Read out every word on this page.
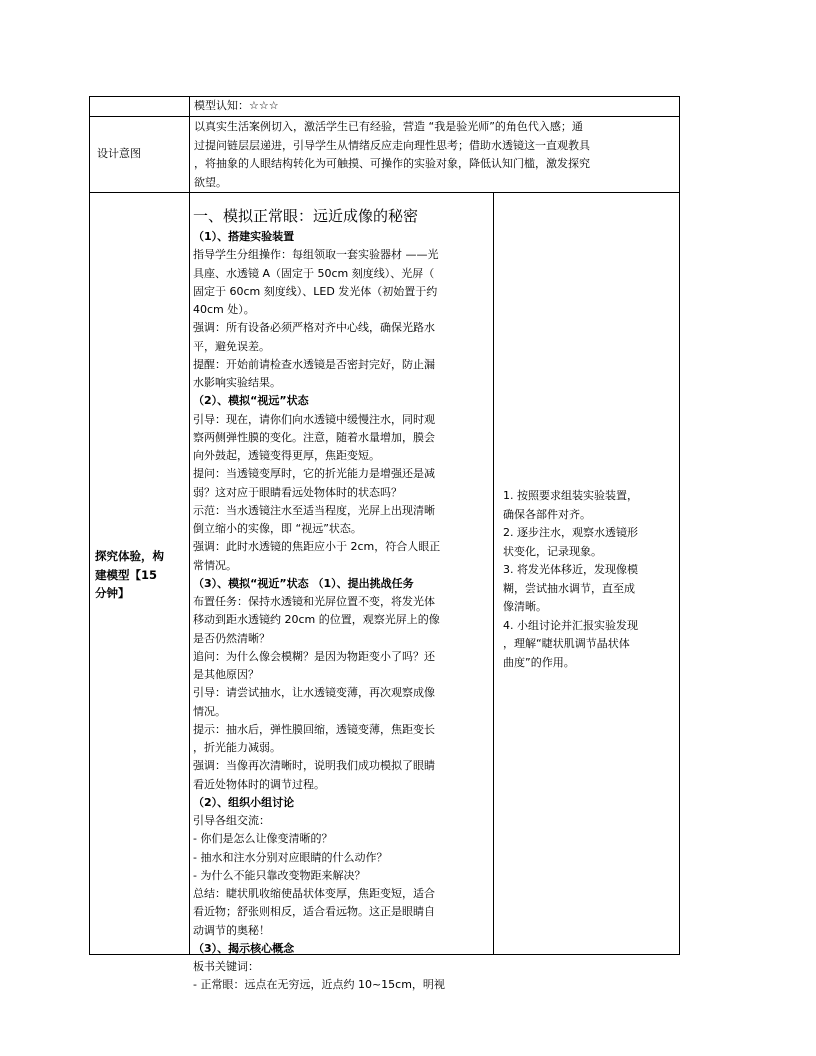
模型认知：☆☆☆
设计意图
以真实生活案例切入，激活学生已有经验，营造 “我是验光师”的角色代入感；通
过提问链层层递进，引导学生从情绪反应走向理性思考；借助水透镜这一直观教具
，将抽象的人眼结构转化为可触摸、可操作的实验对象，降低认知门槛，激发探究
欲望。
探究体验，构
建模型【15
分钟】
一、模拟正常眼：远近成像的秘密
（1）、搭建实验装置
指导学生分组操作：每组领取一套实验器材 ——光
具座、水透镜 A（固定于 50cm 刻度线）、光屏（
固定于 60cm 刻度线）、LED 发光体（初始置于约
40cm 处）。
强调：所有设备必须严格对齐中心线，确保光路水
平，避免误差。
提醒：开始前请检查水透镜是否密封完好，防止漏
水影响实验结果。
（2）、模拟“视远”状态
引导：现在，请你们向水透镜中缓慢注水，同时观
察两侧弹性膜的变化。注意，随着水量增加，膜会
向外鼓起，透镜变得更厚，焦距变短。
提问：当透镜变厚时，它的折光能力是增强还是减
弱？这对应于眼睛看远处物体时的状态吗？
示范：当水透镜注水至适当程度，光屏上出现清晰
倒立缩小的实像，即 “视远”状态。
强调：此时水透镜的焦距应小于 2cm，符合人眼正
常情况。
（3）、模拟“视近”状态 （1）、提出挑战任务
布置任务：保持水透镜和光屏位置不变，将发光体
移动到距水透镜约 20cm 的位置，观察光屏上的像
是否仍然清晰？
追问：为什么像会模糊？是因为物距变小了吗？还
是其他原因？
引导：请尝试抽水，让水透镜变薄，再次观察成像
情况。
提示：抽水后，弹性膜回缩，透镜变薄，焦距变长
，折光能力减弱。
强调：当像再次清晰时，说明我们成功模拟了眼睛
看近处物体时的调节过程。
（2）、组织小组讨论
引导各组交流：
- 你们是怎么让像变清晰的？
- 抽水和注水分别对应眼睛的什么动作？
- 为什么不能只靠改变物距来解决？
总结：睫状肌收缩使晶状体变厚，焦距变短，适合
看近物；舒张则相反，适合看远物。这正是眼睛自
动调节的奥秘！
（3）、揭示核心概念
板书关键词：
- 正常眼：远点在无穷远，近点约 10~15cm，明视
1. 按照要求组装实验装置，
确保各部件对齐。
2. 逐步注水，观察水透镜形
状变化，记录现象。
3. 将发光体移近，发现像模
糊，尝试抽水调节，直至成
像清晰。
4. 小组讨论并汇报实验发现
，理解“睫状肌调节晶状体
曲度”的作用。
